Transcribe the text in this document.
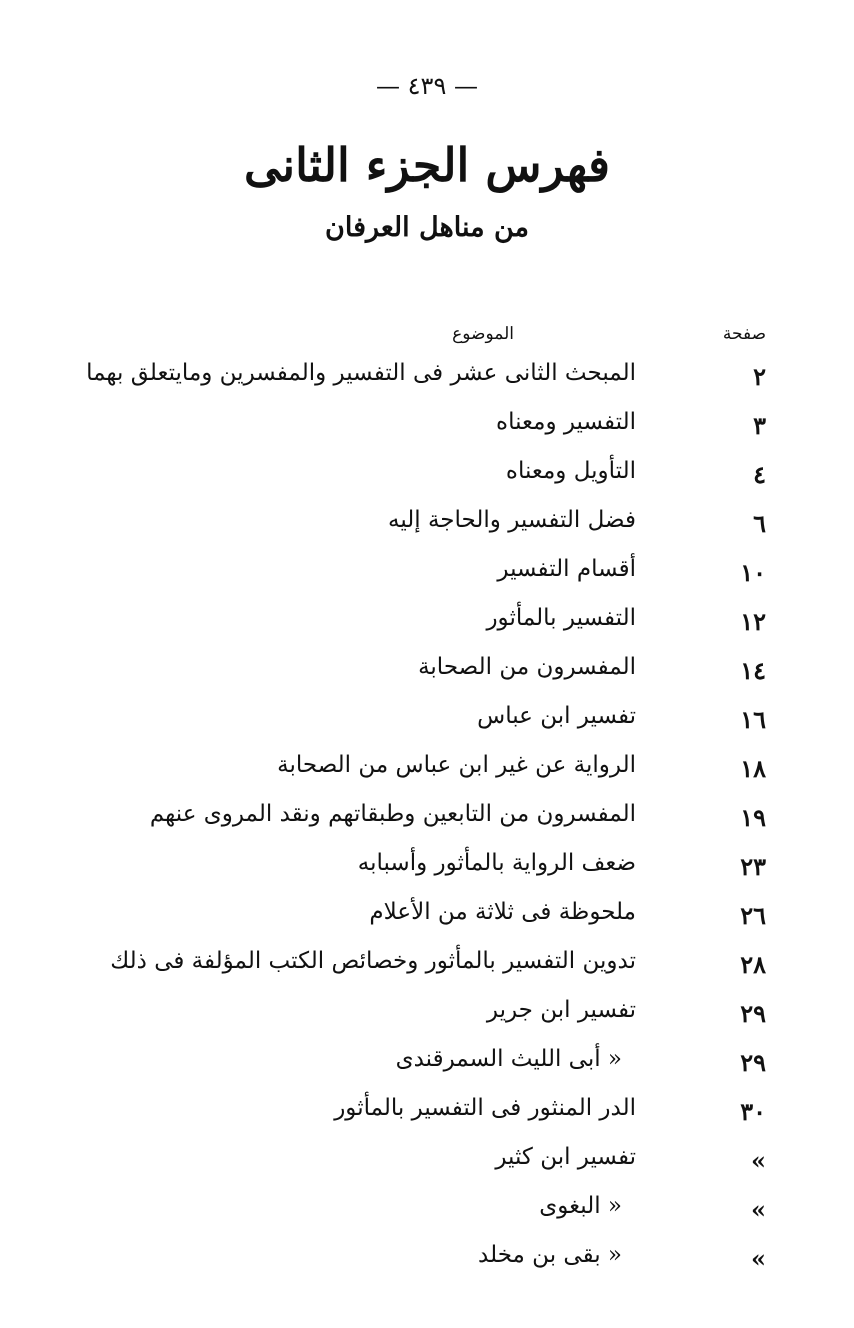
— ٤٣٩ —
فهرس الجزء الثانى
من مناهل العرفان
صفحة
الموضوع
٢
المبحث الثانى عشر فى التفسير والمفسرين ومايتعلق بهما
٣
التفسير ومعناه
٤
التأويل ومعناه
٦
فضل التفسير والحاجة إليه
١٠
أقسام التفسير
١٢
التفسير بالمأثور
١٤
المفسرون من الصحابة
١٦
تفسير ابن عباس
١٨
الرواية عن غير ابن عباس من الصحابة
١٩
المفسرون من التابعين وطبقاتهم ونقد المروى عنهم
٢٣
ضعف الرواية بالمأثور وأسبابه
٢٦
ملحوظة فى ثلاثة من الأعلام
٢٨
تدوين التفسير بالمأثور وخصائص الكتب المؤلفة فى ذلك
٢٩
تفسير ابن جرير
٢٩
« أبى الليث السمرقندى
٣٠
الدر المنثور فى التفسير بالمأثور
»
تفسير ابن كثير
»
« البغوى
»
« بقى بن مخلد
